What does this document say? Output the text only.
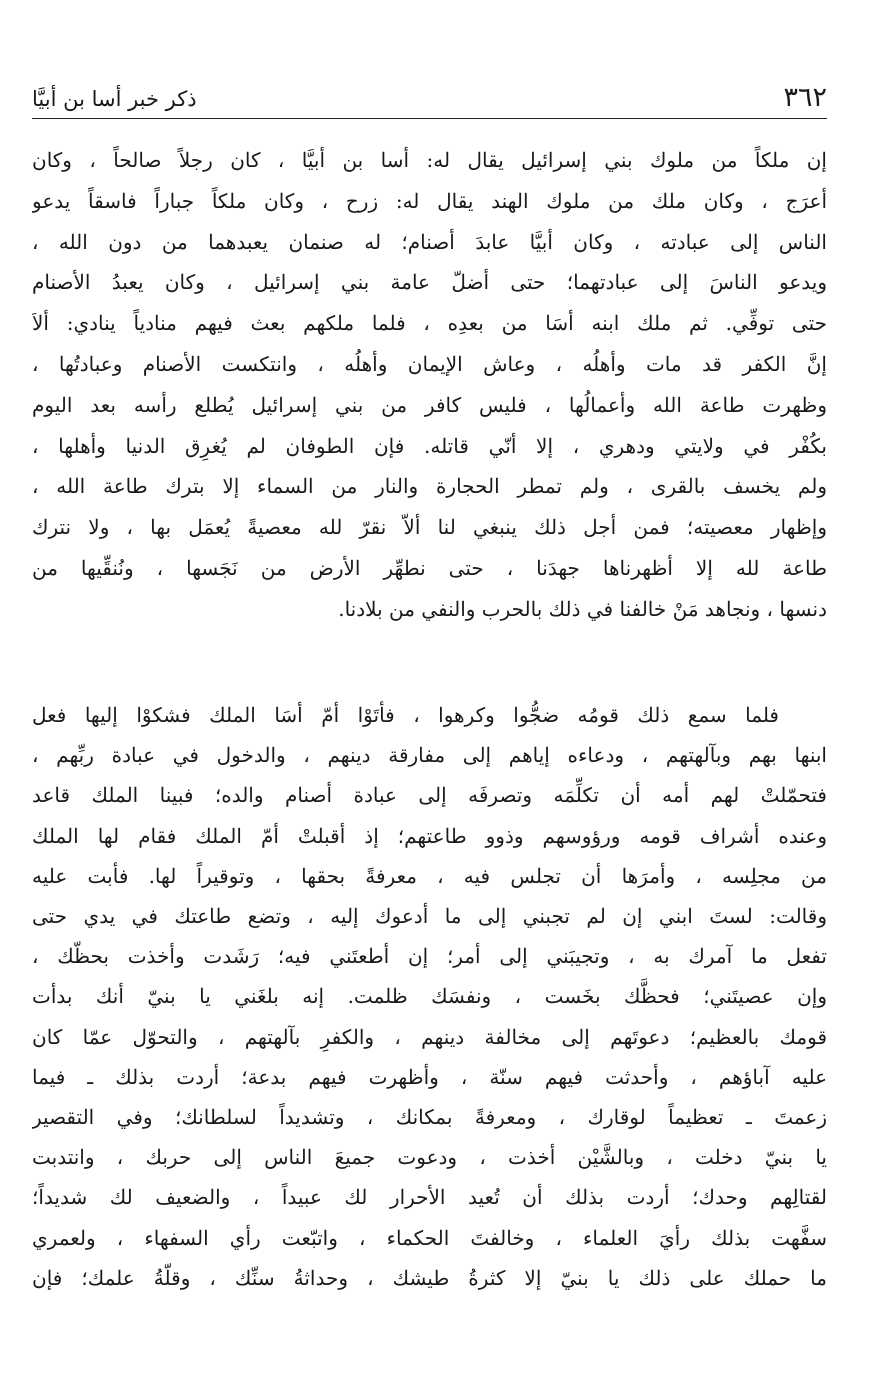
٣٦٢
ذكر خبر أسا بن أبيَّا
إن ملكاً من ملوك بني إسرائيل يقال له: أسا بن أبيَّا ، كان رجلاً صالحاً ، وكان
أعرَج ، وكان ملك من ملوك الهند يقال له: زرح ، وكان ملكاً جباراً فاسقاً يدعو
الناس إلى عبادته ، وكان أبيَّا عابدَ أصنام؛ له صنمان يعبدهما من دون الله ،
ويدعو الناسَ إلى عبادتهما؛ حتى أضلّ عامة بني إسرائيل ، وكان يعبدُ الأصنام
حتى توفِّي. ثم ملك ابنه أسَا من بعدِه ، فلما ملكهم بعث فيهم منادياً ينادي: ألاَ
إنَّ الكفر قد مات وأهلُه ، وعاش الإيمان وأهلُه ، وانتكست الأصنام وعبادتُها ،
وظهرت طاعة الله وأعمالُها ، فليس كافر من بني إسرائيل يُطلع رأسه بعد اليوم
بكُفْر في ولايتي ودهري ، إلا أنّي قاتله. فإن الطوفان لم يُغرِق الدنيا وأهلها ،
ولم يخسف بالقرى ، ولم تمطر الحجارة والنار من السماء إلا بترك طاعة الله ،
وإظهار معصيته؛ فمن أجل ذلك ينبغي لنا ألاّ نقرّ لله معصيةً يُعمَل بها ، ولا نترك
طاعة لله إلا أظهرناها جهدَنا ، حتى نطهِّر الأرض من نَجَسها ، ونُنقِّيها من
دنسها ، ونجاهد مَنْ خالفنا في ذلك بالحرب والنفي من بلادنا.
فلما سمع ذلك قومُه ضجُّوا وكرهوا ، فأتَوْا أمّ أسَا الملك فشكوْا إليها فعل
ابنها بهم وبآلهتهم ، ودعاءه إياهم إلى مفارقة دينهم ، والدخول في عبادة ربِّهم ،
فتحمّلتْ لهم أمه أن تكلِّمَه وتصرفَه إلى عبادة أصنام والده؛ فبينا الملك قاعد
وعنده أشراف قومه ورؤوسهم وذوو طاعتهم؛ إذ أقبلتْ أمّ الملك فقام لها الملك
من مجلِسه ، وأمرَها أن تجلس فيه ، معرفةً بحقها ، وتوقيراً لها. فأبت عليه
وقالت: لستَ ابني إن لم تجبني إلى ما أدعوك إليه ، وتضع طاعتك في يدي حتى
تفعل ما آمرك به ، وتجيبَني إلى أمر؛ إن أطعتَني فيه؛ رَشَدت وأخذت بحظّك ،
وإن عصيتَني؛ فحظَّك بخَست ، ونفسَك ظلمت. إنه بلغَني يا بنيّ أنك بدأت
قومك بالعظيم؛ دعوتَهم إلى مخالفة دينهم ، والكفرِ بآلهتهم ، والتحوّل عمّا كان
عليه آباؤهم ، وأحدثت فيهم سنّة ، وأظهرت فيهم بدعة؛ أردت بذلك ـ فيما
زعمتَ ـ تعظيماً لوقارك ، ومعرفةً بمكانك ، وتشديداً لسلطانك؛ وفي التقصير
يا بنيّ دخلت ، وبالشَّيْن أخذت ، ودعوت جميعَ الناس إلى حربك ، وانتدبت
لقتالِهم وحدك؛ أردت بذلك أن تُعيد الأحرار لك عبيداً ، والضعيف لك شديداً؛
سفَّهت بذلك رأيَ العلماء ، وخالفتَ الحكماء ، واتبّعت رأي السفهاء ، ولعمري
ما حملك على ذلك يا بنيّ إلا كثرةُ طيشك ، وحداثةُ سنِّك ، وقلّةُ علمك؛ فإن
